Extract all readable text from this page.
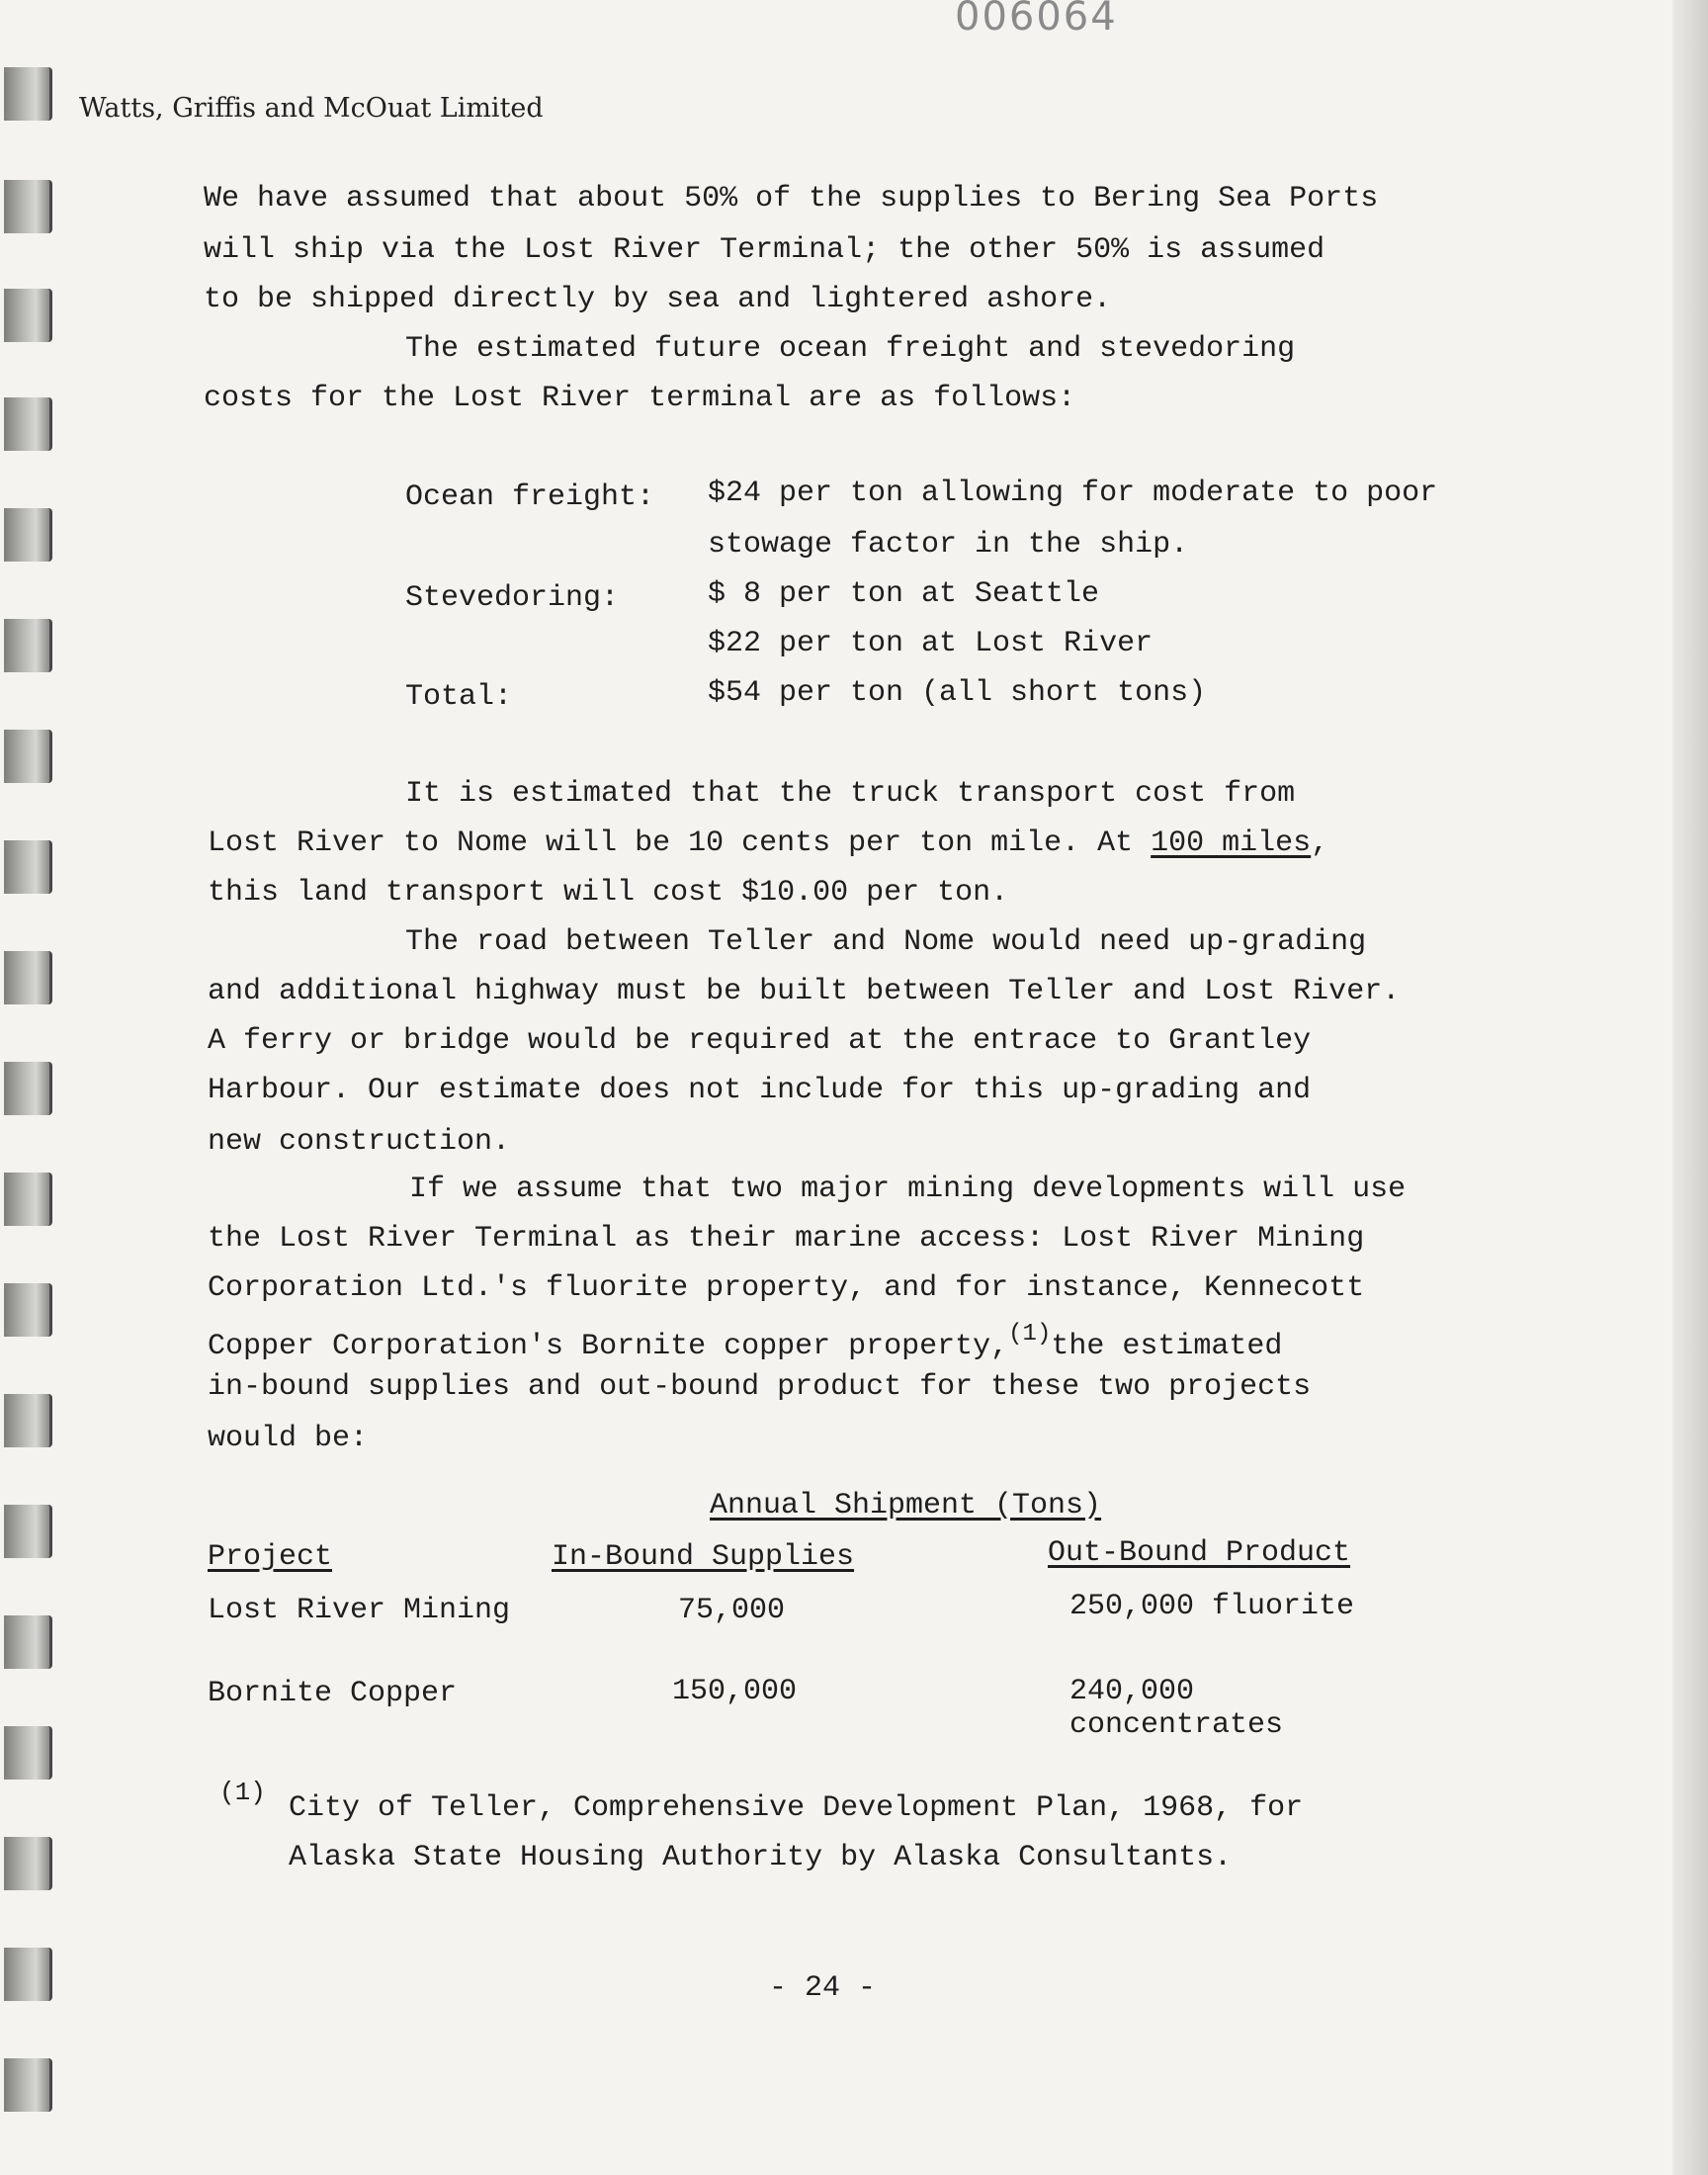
006064
Watts, Griffis and McOuat Limited
We have assumed that about 50% of the supplies to Bering Sea Ports
will ship via the Lost River Terminal; the other 50% is assumed
to be shipped directly by sea and lightered ashore.
The estimated future ocean freight and stevedoring
costs for the Lost River terminal are as follows:
Ocean freight: $24 per ton allowing for moderate to poor
stowage factor in the ship.
Stevedoring:	$ 8 per ton at Seattle
$22 per ton at Lost River
Total:	$54 per ton (all short tons)
It is estimated that the truck transport cost from
Lost River to Nome will be 10 cents per ton mile. At 100 miles,
this land transport will cost $10.00 per ton.
The road between Teller and Nome would need up-grading
and additional highway must be built between Teller and Lost River.
A ferry or bridge would be required at the entrace to Grantley
Harbour. Our estimate does not include for this up-grading and
new construction.
If we assume that two major mining developments will use
the Lost River Terminal as their marine access: Lost River Mining
Corporation Ltd.'s fluorite property, and for instance, Kennecott
Copper Corporation's Bornite copper property,$^{(1)}$the estimated
in-bound supplies and out-bound product for these two projects
would be:
Annual Shipment (Tons)
Project	In-Bound Supplies	Out-Bound Product
Lost River Mining	75,000	250,000 fluorite
Bornite Copper	150,000	240,000
concentrates
(1) City of Teller, Comprehensive Development Plan, 1968, for
Alaska State Housing Authority by Alaska Consultants.
- 24 -
